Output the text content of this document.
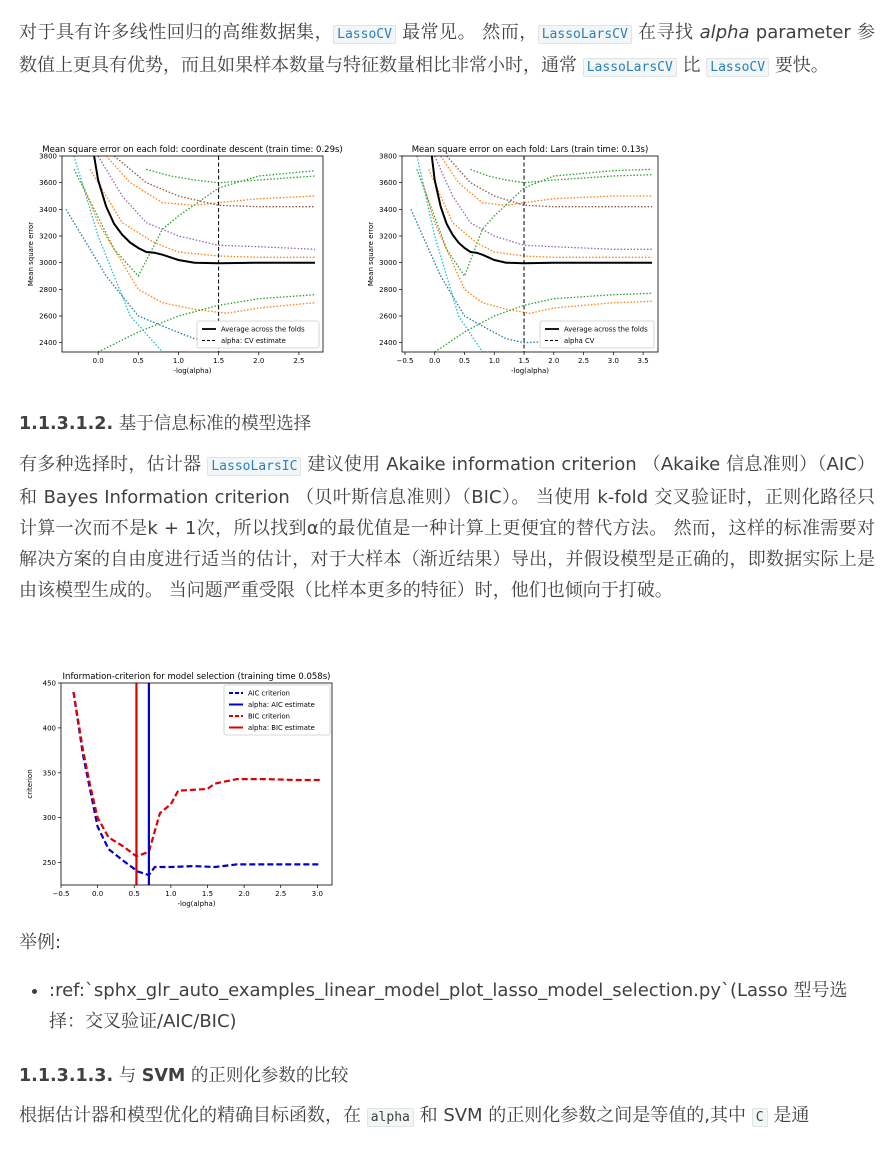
对于具有许多线性回归的高维数据集， LassoCV 最常见。 然而， LassoLarsCV 在寻找 alpha parameter 参数值上更具有优势，而且如果样本数量与特征数量相比非常小时，通常 LassoLarsCV 比 LassoCV 要快。

Mean square error on each fold: coordinate descent (train time: 0.29s)
0.0	0.5	1.0	1.5	2.0	2.5
2400
2600
2800
3000
3200
3400
3600
3800
-log(alpha)
Mean square error
Average across the folds
alpha: CV estimate
Mean square error on each fold: Lars (train time: 0.13s)
−0.5 0.0	0.5	1.0	1.5	2.0	2.5	3.0	3.5
2400
2600
2800
3000
3200
3400
3600
3800
-log(alpha)
Mean square error
Average across the folds
alpha CV
1.1.3.1.2. 基于信息标准的模型选择

有多种选择时，估计器 LassoLarsIC 建议使用 Akaike information criterion （Akaike 信息准则）（AIC）和 Bayes Information criterion （贝叶斯信息准则）（BIC）。 当使用 k-fold 交叉验证时，正则化路径只计算一次而不是k + 1次，所以找到α的最优值是一种计算上更便宜的替代方法。 然而，这样的标准需要对解决方案的自由度进行适当的估计，对于大样本（渐近结果）导出，并假设模型是正确的，即数据实际上是由该模型生成的。 当问题严重受限（比样本更多的特征）时，他们也倾向于打破。

Information-criterion for model selection (training time 0.058s)
−0.5	0.0	0.5	1.0	1.5	2.0	2.5	3.0
250
300
350
400
450
-log(alpha)
criterion
AIC criterion
alpha: AIC estimate
BIC criterion
alpha: BIC estimate

举例:

• :ref:`sphx_glr_auto_examples_linear_model_plot_lasso_model_selection.py`(Lasso 型号选择：交叉验证/AIC/BIC)
1.1.3.1.3. 与 SVM 的正则化参数的比较

根据估计器和模型优化的精确目标函数，在 alpha 和 SVM 的正则化参数之间是等值的,其中 C 是通
